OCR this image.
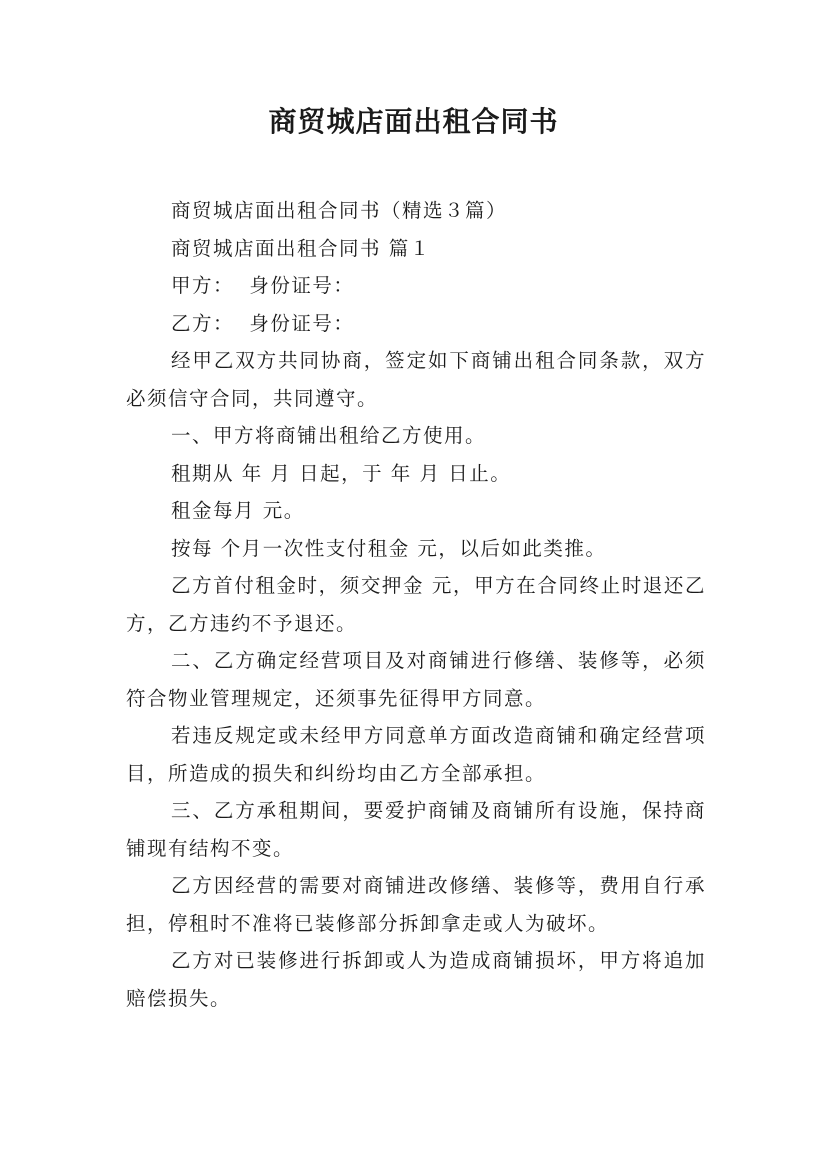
商贸城店面出租合同书

商贸城店面出租合同书（精选３篇）

商贸城店面出租合同书 篇１

甲方：  身份证号：

乙方：  身份证号：

经甲乙双方共同协商，签定如下商铺出租合同条款，双方必须信守合同，共同遵守。

一、甲方将商铺出租给乙方使用。

租期从 年 月 日起，于 年 月 日止。

租金每月 元。

按每 个月一次性支付租金 元，以后如此类推。

乙方首付租金时，须交押金 元，甲方在合同终止时退还乙方，乙方违约不予退还。

二、乙方确定经营项目及对商铺进行修缮、装修等，必须符合物业管理规定，还须事先征得甲方同意。

若违反规定或未经甲方同意单方面改造商铺和确定经营项目，所造成的损失和纠纷均由乙方全部承担。

三、乙方承租期间，要爱护商铺及商铺所有设施，保持商铺现有结构不变。

乙方因经营的需要对商铺进改修缮、装修等，费用自行承担，停租时不准将已装修部分拆卸拿走或人为破坏。

乙方对已装修进行拆卸或人为造成商铺损坏，甲方将追加赔偿损失。
